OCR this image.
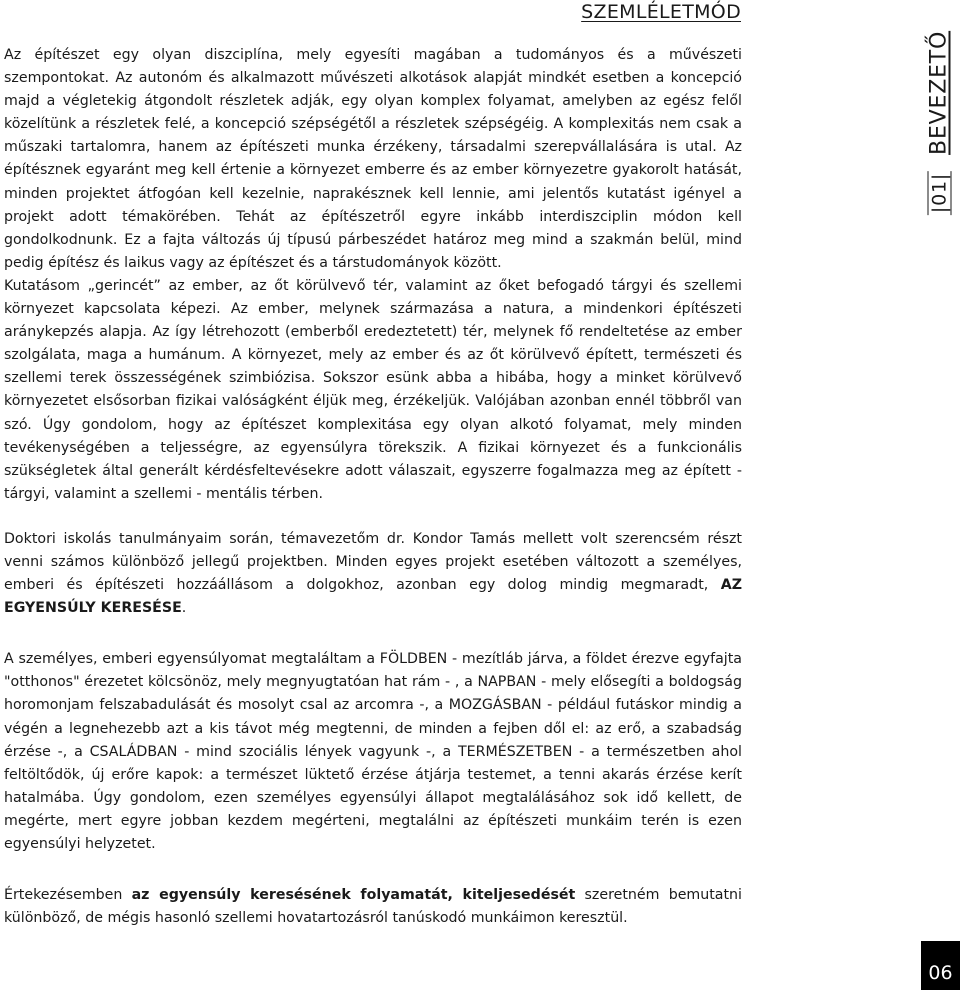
SZEMLÉLETMÓD

Az építészet egy olyan diszciplína, mely egyesíti magában a tudományos és a művészeti szempontokat. Az autonóm és alkalmazott művészeti alkotások alapját mindkét esetben a koncepció majd a végletekig átgondolt részletek adják, egy olyan komplex folyamat, amelyben az egész felől közelítünk a részletek felé, a koncepció szépségétől a részletek szépségéig. A komplexitás nem csak a műszaki tartalomra, hanem az építészeti munka érzékeny, társadalmi szerepvállalására is utal. Az építésznek egyaránt meg kell értenie a környezet emberre és az ember környezetre gyakorolt hatását, minden projektet átfogóan kell kezelnie, naprakésznek kell lennie, ami jelentős kutatást igényel a projekt adott témakörében. Tehát az építészetről egyre inkább interdiszciplin módon kell gondolkodnunk. Ez a fajta változás új típusú párbeszédet határoz meg mind a szakmán belül, mind pedig építész és laikus vagy az építészet és a társtudományok között.

Kutatásom „gerincét” az ember, az őt körülvevő tér, valamint az őket befogadó tárgyi és szellemi környezet kapcsolata képezi. Az ember, melynek származása a natura, a mindenkori építészeti aránykepzés alapja. Az így létrehozott (emberből eredeztetett) tér, melynek fő rendeltetése az ember szolgálata, maga a humánum. A környezet, mely az ember és az őt körülvevő épített, természeti és szellemi terek összességének szimbiózisa. Sokszor esünk abba a hibába, hogy a minket körülvevő környezetet elsősorban fizikai valóságként éljük meg, érzékeljük. Valójában azonban ennél többről van szó. Úgy gondolom, hogy az építészet komplexitása egy olyan alkotó folyamat, mely minden tevékenységében a teljességre, az egyensúlyra törekszik. A fizikai környezet és a funkcionális szükségletek által generált kérdésfeltevésekre adott válaszait, egyszerre fogalmazza meg az épített - tárgyi, valamint a szellemi - mentális térben.

Doktori iskolás tanulmányaim során, témavezetőm dr. Kondor Tamás mellett volt szerencsém részt venni számos különböző jellegű projektben. Minden egyes projekt esetében változott a személyes, emberi és építészeti hozzáállásom a dolgokhoz, azonban egy dolog mindig megmaradt, AZ EGYENSÚLY KERESÉSE.

A személyes, emberi egyensúlyomat megtaláltam a FÖLDBEN - mezítláb járva, a földet érezve egyfajta "otthonos" érezetet kölcsönöz, mely megnyugtatóan hat rám - , a NAPBAN - mely elősegíti a boldogság horomonjam felszabadulását és mosolyt csal az arcomra -, a MOZGÁSBAN - például futáskor mindig a végén a legnehezebb azt a kis távot még megtenni, de minden a fejben dől el: az erő, a szabadság érzése -, a CSALÁDBAN - mind szociális lények vagyunk -, a TERMÉSZETBEN - a természetben ahol feltöltődök, új erőre kapok: a természet lüktető érzése átjárja testemet, a tenni akarás érzése kerít hatalmába. Úgy gondolom, ezen személyes egyensúlyi állapot megtalálásához sok idő kellett, de megérte, mert egyre jobban kezdem megérteni, megtalálni az építészeti munkáim terén is ezen egyensúlyi helyzetet.

Értekezésemben az egyensúly keresésének folyamatát, kiteljesedését szeretném bemutatni különböző, de mégis hasonló szellemi hovatartozásról tanúskodó munkáimon keresztül.

|01|
BEVEZETŐ
06
